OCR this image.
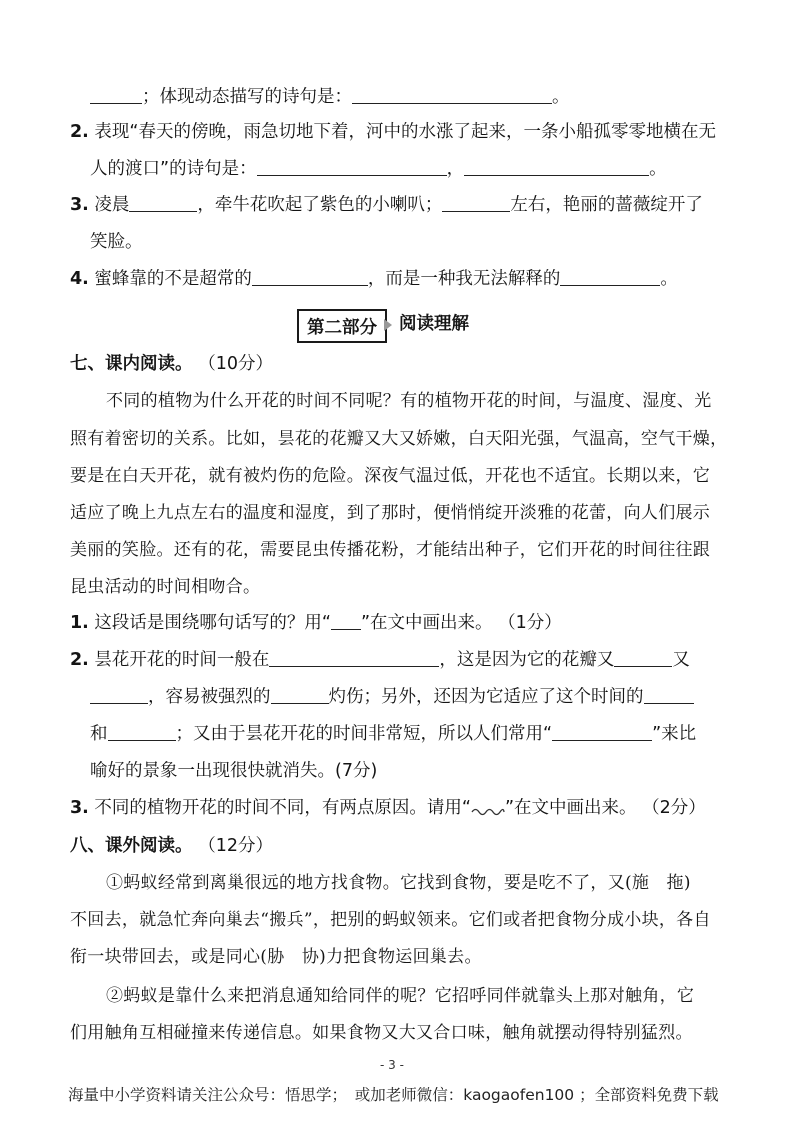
；体现动态描写的诗句是：	。
2. 表现“春天的傍晚，雨急切地下着，河中的水涨了起来，一条小船孤零零地横在无
人的渡口”的诗句是：	，	。
3. 凌晨	，牵牛花吹起了紫色的小喇叭；	左右，艳丽的蔷薇绽开了
笑脸。
4. 蜜蜂靠的不是超常的	，而是一种我无法解释的	。
第二部分 阅读理解
七、课内阅读。 （10分）
不同的植物为什么开花的时间不同呢？有的植物开花的时间，与温度、湿度、光
照有着密切的关系。比如，昙花的花瓣又大又娇嫩，白天阳光强，气温高，空气干燥，
要是在白天开花，就有被灼伤的危险。深夜气温过低，开花也不适宜。长期以来，它
适应了晚上九点左右的温度和湿度，到了那时，便悄悄绽开淡雅的花蕾，向人们展示
美丽的笑脸。还有的花，需要昆虫传播花粉，才能结出种子，它们开花的时间往往跟
昆虫活动的时间相吻合。
1. 这段话是围绕哪句话写的？用“ ”在文中画出来。 （1分）
2. 昙花开花的时间一般在	，这是因为它的花瓣又	又
，容易被强烈的	灼伤；另外，还因为它适应了这个时间的
和	；又由于昙花开花的时间非常短，所以人们常用“	”来比
喻好的景象一出现很快就消失。(7分)
3. 不同的植物开花的时间不同，有两点原因。请用“ ”在文中画出来。 （2分）
八、课外阅读。 （12分）
①蚂蚁经常到离巢很远的地方找食物。它找到食物，要是吃不了，又(施　拖)
不回去，就急忙奔向巢去“搬兵”，把别的蚂蚁领来。它们或者把食物分成小块，各自
衔一块带回去，或是同心(胁　协)力把食物运回巢去。
②蚂蚁是靠什么来把消息通知给同伴的呢？它招呼同伴就靠头上那对触角，它
们用触角互相碰撞来传递信息。如果食物又大又合口味，触角就摆动得特别猛烈。
- 3 -
海量中小学资料请关注公众号：悟思学；　或加老师微信：kaogaofen100 ；全部资料免费下载
